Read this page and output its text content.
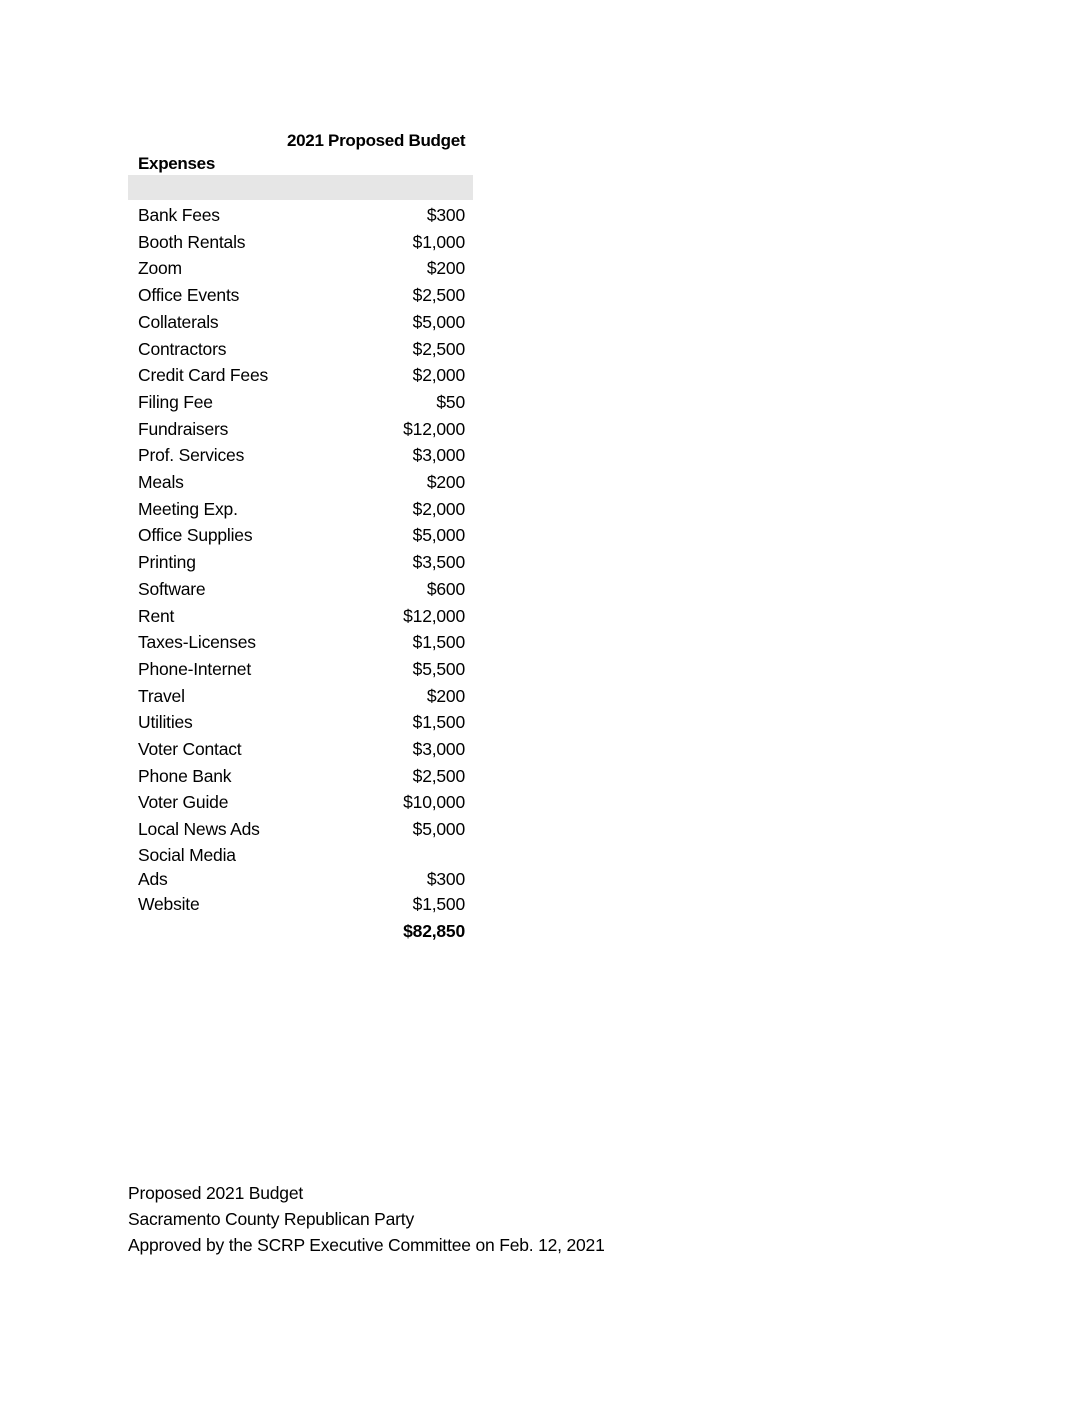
Expenses
2021 Proposed Budget
Bank Fees	$300
Booth Rentals	$1,000
Zoom	$200
Office Events	$2,500
Collaterals	$5,000
Contractors	$2,500
Credit Card Fees	$2,000
Filing Fee	$50
Fundraisers	$12,000
Prof. Services	$3,000
Meals	$200
Meeting Exp.	$2,000
Office Supplies	$5,000
Printing	$3,500
Software	$600
Rent	$12,000
Taxes-Licenses	$1,500
Phone-Internet	$5,500
Travel	$200
Utilities	$1,500
Voter Contact	$3,000
Phone Bank	$2,500
Voter Guide	$10,000
Local News Ads	$5,000
Social Media Ads	$300
Website	$1,500
$82,850
Proposed 2021 Budget
Sacramento County Republican Party
Approved by the SCRP Executive Committee on Feb. 12, 2021
